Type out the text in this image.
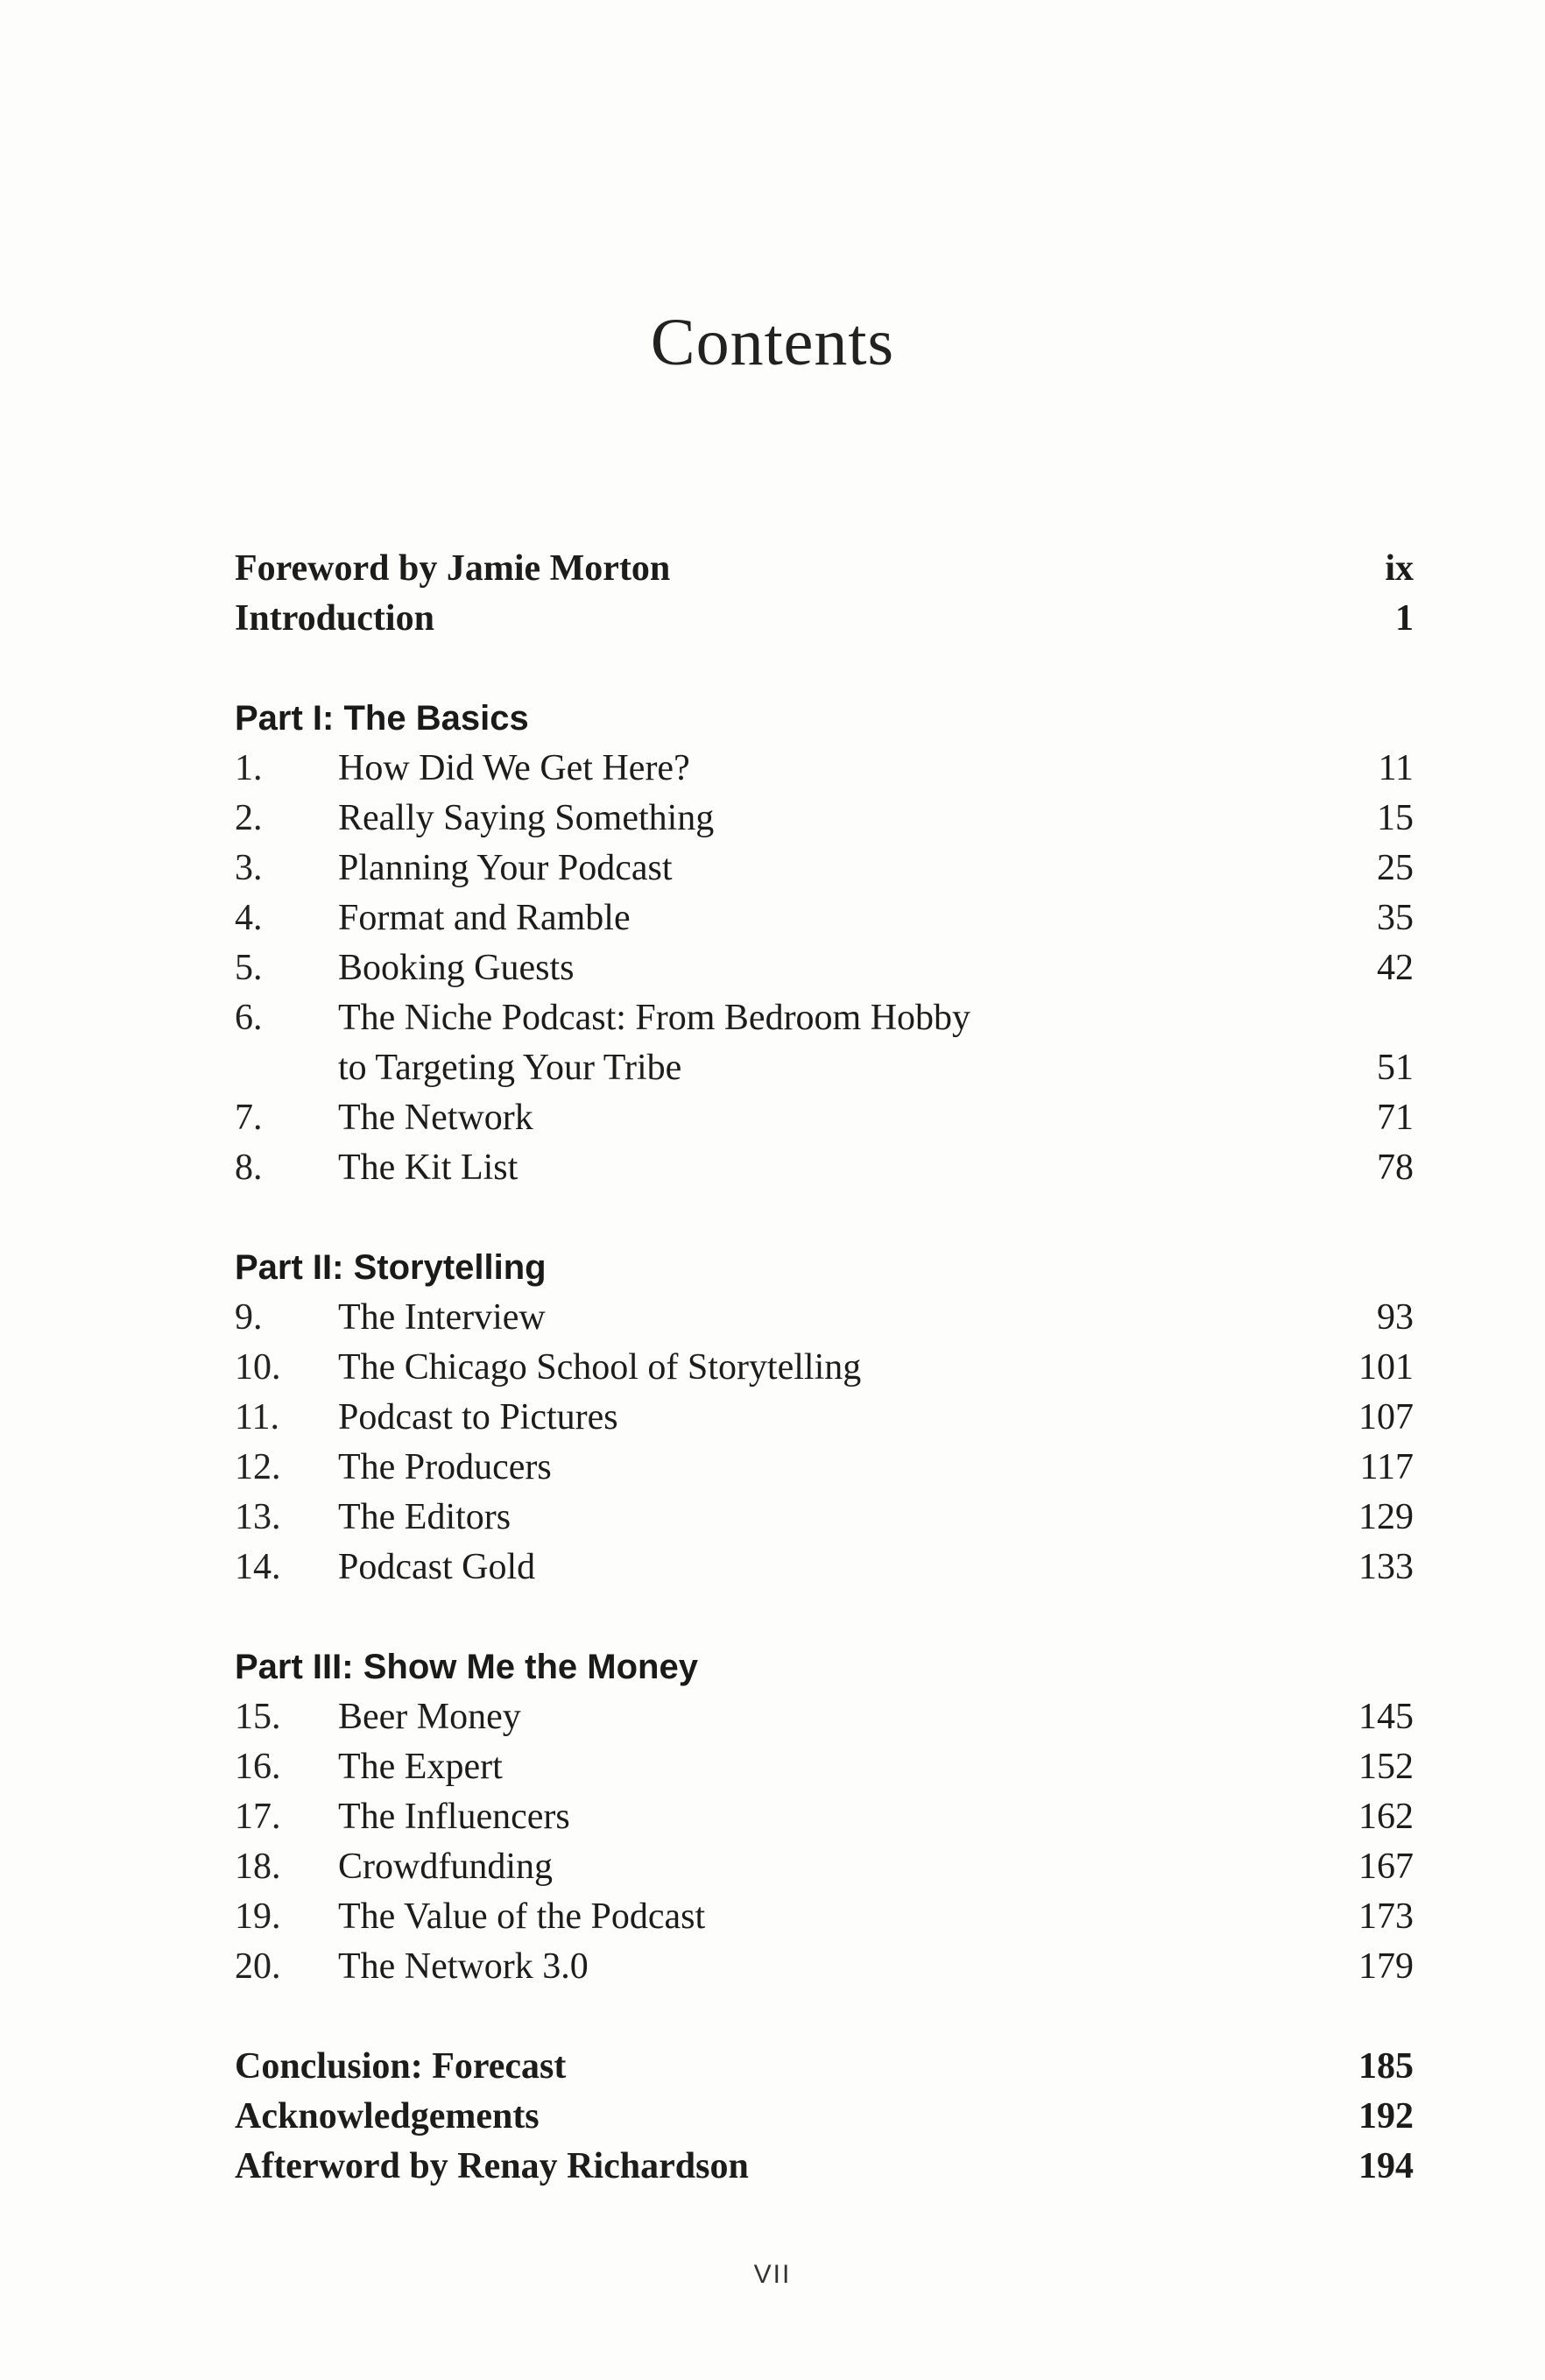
Contents
Foreword by Jamie Morton	ix
Introduction	1
Part I: The Basics
1.	How Did We Get Here?	11
2.	Really Saying Something	15
3.	Planning Your Podcast	25
4.	Format and Ramble	35
5.	Booking Guests	42
6.	The Niche Podcast: From Bedroom Hobby
to Targeting Your Tribe	51
7.	The Network	71
8.	The Kit List	78
Part II: Storytelling
9.	The Interview	93
10.	The Chicago School of Storytelling	101
11.	Podcast to Pictures	107
12.	The Producers	117
13.	The Editors	129
14.	Podcast Gold	133
Part III: Show Me the Money
15.	Beer Money	145
16.	The Expert	152
17.	The Influencers	162
18.	Crowdfunding	167
19.	The Value of the Podcast	173
20.	The Network 3.0	179
Conclusion: Forecast	185
Acknowledgements	192
Afterword by Renay Richardson	194
VII
